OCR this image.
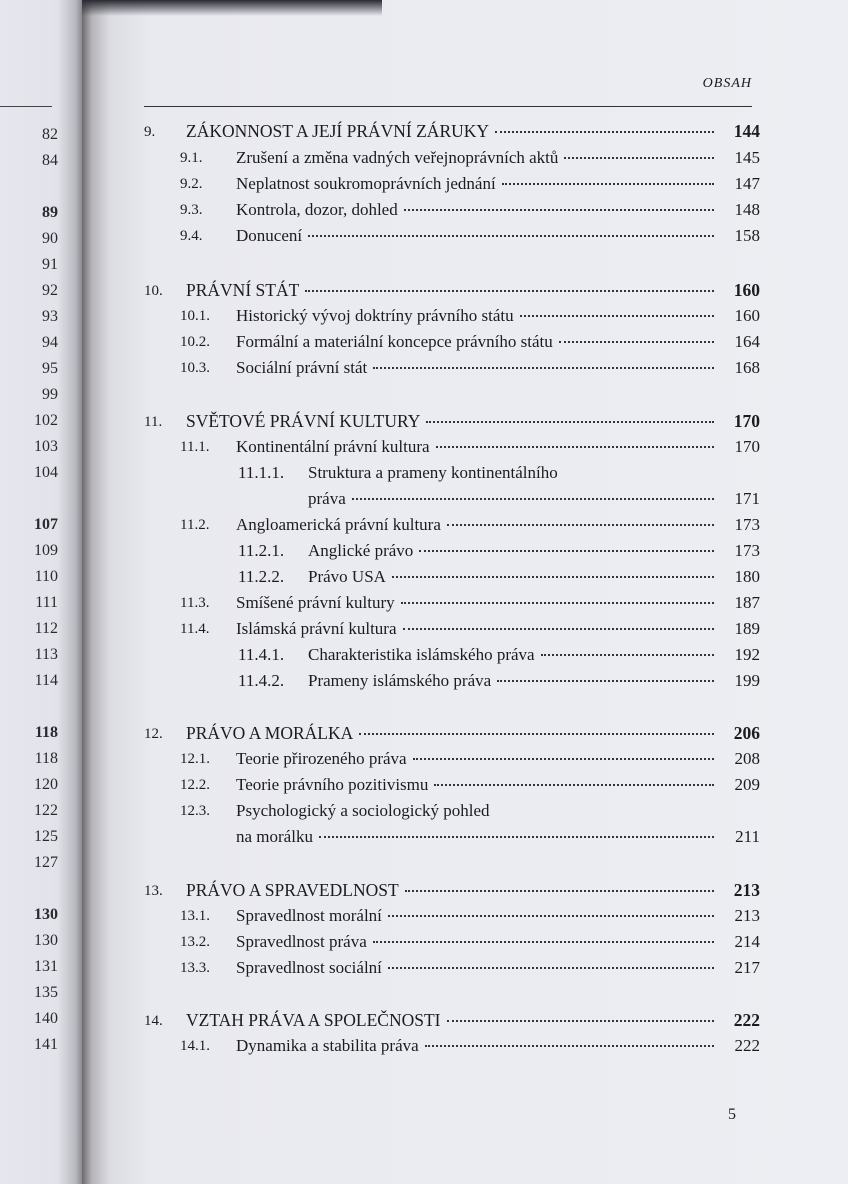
82
84
89
90
91
92
93
94
95
99
102
103
104
107
109
110
111
112
113
114
118
118
120
122
125
127
130
130
131
135
140
141
OBSAH
9. ZÁKONNOST A JEJÍ PRÁVNÍ ZÁRUKY	144
9.1. Zrušení a změna vadných veřejnoprávních aktů	145
9.2. Neplatnost soukromoprávních jednání	147
9.3. Kontrola, dozor, dohled	148
9.4. Donucení	158
10. PRÁVNÍ STÁT	160
10.1. Historický vývoj doktríny právního státu	160
10.2. Formální a materiální koncepce právního státu	164
10.3. Sociální právní stát	168
11. SVĚTOVÉ PRÁVNÍ KULTURY	170
11.1. Kontinentální právní kultura	170
11.1.1. Struktura a prameny kontinentálního
práva	171
11.2. Angloamerická právní kultura	173
11.2.1. Anglické právo	173
11.2.2. Právo USA	180
11.3. Smíšené právní kultury	187
11.4. Islámská právní kultura	189
11.4.1. Charakteristika islámského práva	192
11.4.2. Prameny islámského práva	199
12. PRÁVO A MORÁLKA	206
12.1. Teorie přirozeného práva	208
12.2. Teorie právního pozitivismu	209
12.3. Psychologický a sociologický pohled
na morálku	211
13. PRÁVO A SPRAVEDLNOST	213
13.1. Spravedlnost morální	213
13.2. Spravedlnost práva	214
13.3. Spravedlnost sociální	217
14. VZTAH PRÁVA A SPOLEČNOSTI	222
14.1. Dynamika a stabilita práva	222
5
